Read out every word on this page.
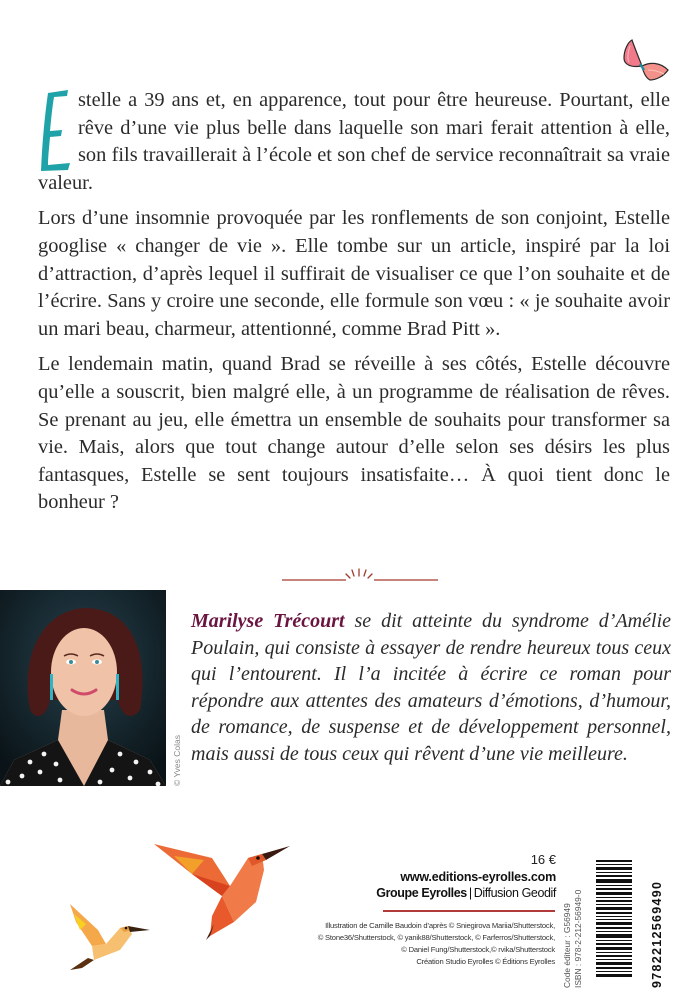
stelle a 39 ans et, en apparence, tout pour être heureuse. Pourtant, elle rêve d’une vie plus belle dans laquelle son mari ferait attention à elle, son fils travaillerait à l’école et son chef de service reconnaîtrait sa vraie valeur.

Lors d’une insomnie provoquée par les ronflements de son conjoint, Estelle googlise « changer de vie ». Elle tombe sur un article, inspiré par la loi d’attraction, d’après lequel il suffirait de visualiser ce que l’on souhaite et de l’écrire. Sans y croire une seconde, elle formule son vœu : « je souhaite avoir un mari beau, charmeur, attentionné, comme Brad Pitt ».

Le lendemain matin, quand Brad se réveille à ses côtés, Estelle découvre qu’elle a souscrit, bien malgré elle, à un programme de réalisation de rêves. Se prenant au jeu, elle émettra un ensemble de souhaits pour transformer sa vie. Mais, alors que tout change autour d’elle selon ses désirs les plus fantasques, Estelle se sent toujours insatisfaite… À quoi tient donc le bonheur ?

© Yves Colas
Marilyse Trécourt se dit atteinte du syndrome d’Amélie Poulain, qui consiste à essayer de rendre heureux tous ceux qui l’entourent. Il l’a incitée à écrire ce roman pour répondre aux attentes des amateurs d’émotions, d’humour, de romance, de suspense et de développement personnel, mais aussi de tous ceux qui rêvent d’une vie meilleure.
16 €
www.editions-eyrolles.com
Groupe Eyrolles | Diffusion Geodif
Illustration de Camille Baudoin d’après © Sniegirova Mariia/Shutterstock,
© Stone36/Shutterstock, © yanik88/Shutterstock, © Farferros/Shutterstock,
© Daniel Fung/Shutterstock,© rvika/Shutterstock
Création Studio Eyrolles © Éditions Eyrolles Code éditeur : G56949 ISBN : 978-2-212-56949-0	9782212569490
